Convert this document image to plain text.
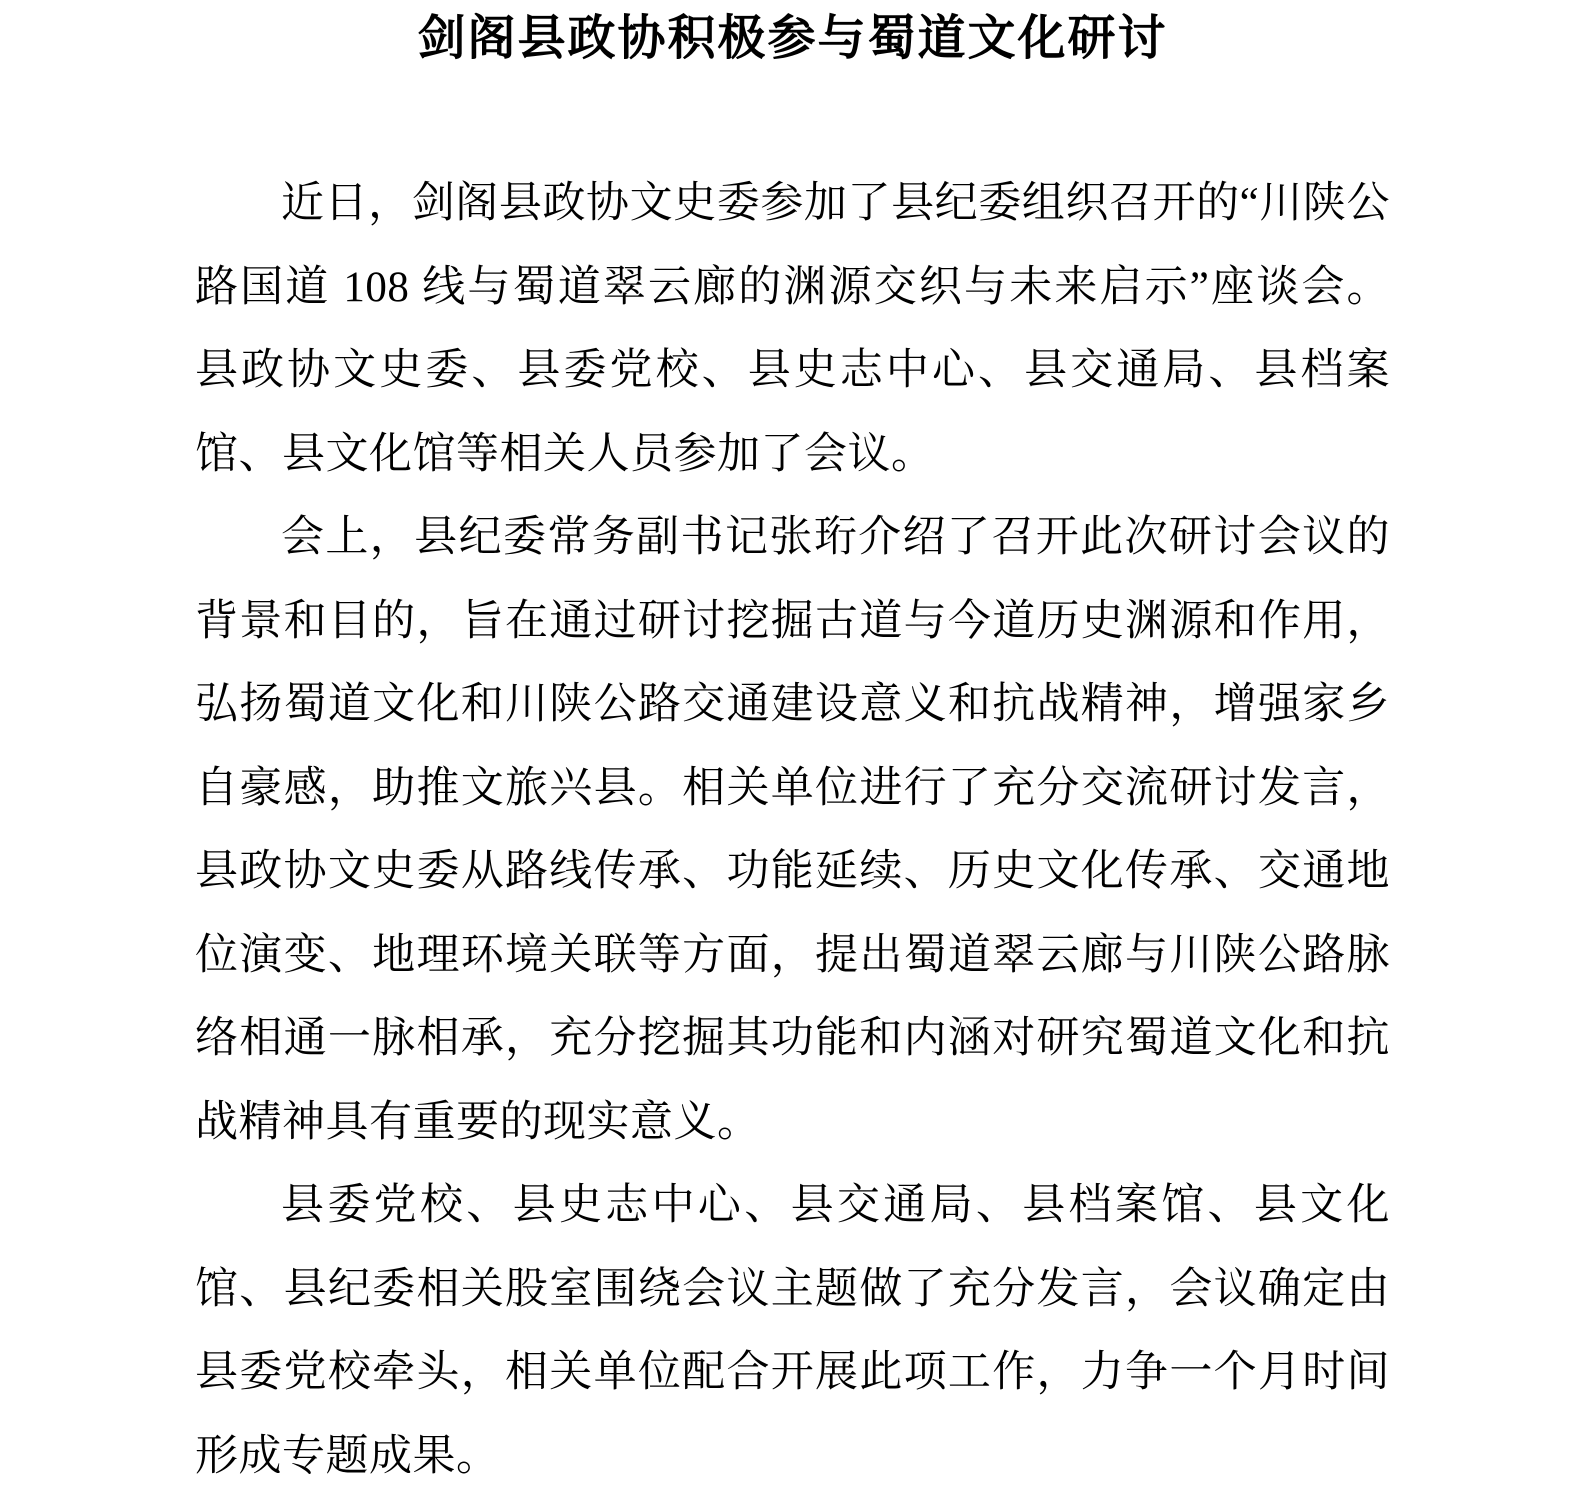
剑阁县政协积极参与蜀道文化研讨

近日，剑阁县政协文史委参加了县纪委组织召开的“川陕公路国道 108 线与蜀道翠云廊的渊源交织与未来启示”座谈会。县政协文史委、县委党校、县史志中心、县交通局、县档案馆、县文化馆等相关人员参加了会议。

会上，县纪委常务副书记张珩介绍了召开此次研讨会议的背景和目的，旨在通过研讨挖掘古道与今道历史渊源和作用，弘扬蜀道文化和川陕公路交通建设意义和抗战精神，增强家乡自豪感，助推文旅兴县。相关单位进行了充分交流研讨发言，县政协文史委从路线传承、功能延续、历史文化传承、交通地位演变、地理环境关联等方面，提出蜀道翠云廊与川陕公路脉络相通一脉相承，充分挖掘其功能和内涵对研究蜀道文化和抗战精神具有重要的现实意义。

县委党校、县史志中心、县交通局、县档案馆、县文化馆、县纪委相关股室围绕会议主题做了充分发言，会议确定由县委党校牵头，相关单位配合开展此项工作，力争一个月时间形成专题成果。
